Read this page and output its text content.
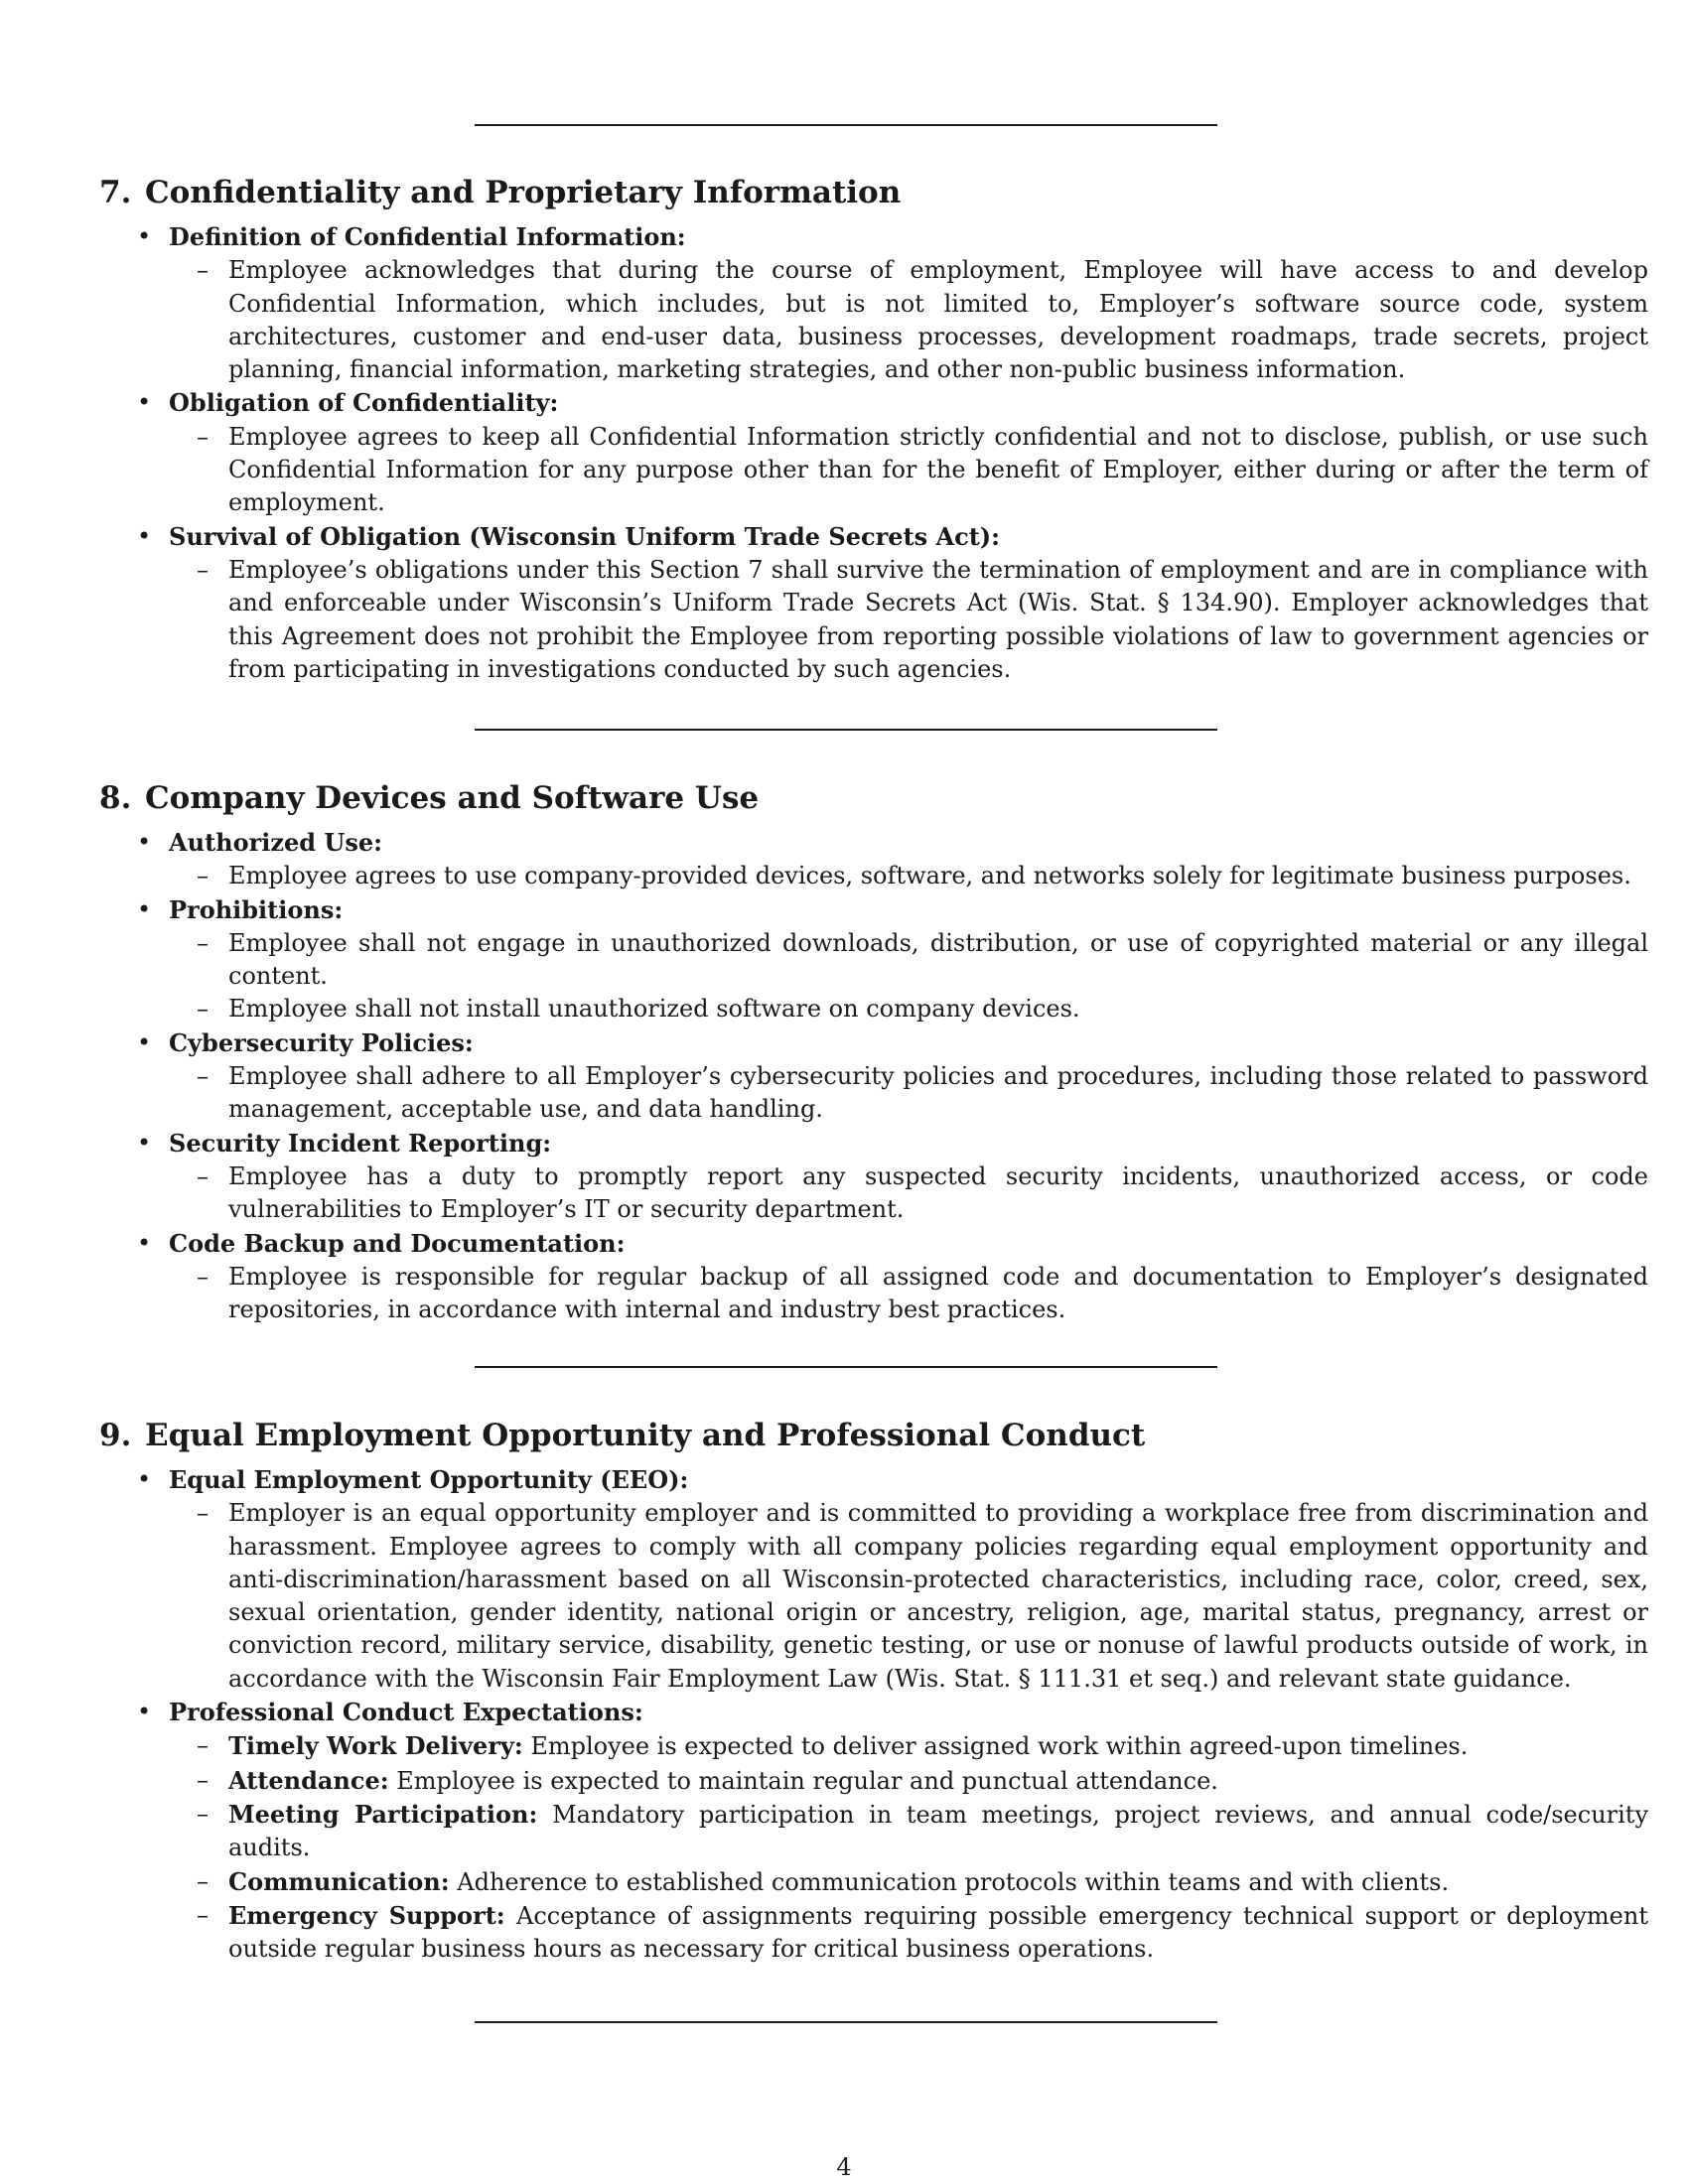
7. Confidentiality and Proprietary Information
• Definition of Confidential Information:
– Employee acknowledges that during the course of employment, Employee will have access to and develop Confidential Information, which includes, but is not limited to, Employer’s software source code, system architectures, customer and end-user data, business processes, development roadmaps, trade secrets, project planning, financial information, marketing strategies, and other non-public business information.
• Obligation of Confidentiality:
– Employee agrees to keep all Confidential Information strictly confidential and not to disclose, publish, or use such Confidential Information for any purpose other than for the benefit of Employer, either during or after the term of employment.
• Survival of Obligation (Wisconsin Uniform Trade Secrets Act):
– Employee’s obligations under this Section 7 shall survive the termination of employment and are in compliance with and enforceable under Wisconsin’s Uniform Trade Secrets Act (Wis. Stat. § 134.90). Employer acknowledges that this Agreement does not prohibit the Employee from reporting possible violations of law to government agencies or from participating in investigations conducted by such agencies.
8. Company Devices and Software Use
• Authorized Use:
– Employee agrees to use company-provided devices, software, and networks solely for legitimate business purposes.
• Prohibitions:
– Employee shall not engage in unauthorized downloads, distribution, or use of copyrighted material or any illegal content.
– Employee shall not install unauthorized software on company devices.
• Cybersecurity Policies:
– Employee shall adhere to all Employer’s cybersecurity policies and procedures, including those related to password management, acceptable use, and data handling.
• Security Incident Reporting:
– Employee has a duty to promptly report any suspected security incidents, unauthorized access, or code vulnerabilities to Employer’s IT or security department.
• Code Backup and Documentation:
– Employee is responsible for regular backup of all assigned code and documentation to Employer’s designated repositories, in accordance with internal and industry best practices.
9. Equal Employment Opportunity and Professional Conduct
• Equal Employment Opportunity (EEO):
– Employer is an equal opportunity employer and is committed to providing a workplace free from discrimination and harassment. Employee agrees to comply with all company policies regarding equal employment opportunity and anti-discrimination/harassment based on all Wisconsin-protected characteristics, including race, color, creed, sex, sexual orientation, gender identity, national origin or ancestry, religion, age, marital status, pregnancy, arrest or conviction record, military service, disability, genetic testing, or use or nonuse of lawful products outside of work, in accordance with the Wisconsin Fair Employment Law (Wis. Stat. § 111.31 et seq.) and relevant state guidance.
• Professional Conduct Expectations:
– Timely Work Delivery: Employee is expected to deliver assigned work within agreed-upon timelines.
– Attendance: Employee is expected to maintain regular and punctual attendance.
– Meeting Participation: Mandatory participation in team meetings, project reviews, and annual code/security audits.
– Communication: Adherence to established communication protocols within teams and with clients.
– Emergency Support: Acceptance of assignments requiring possible emergency technical support or deployment outside regular business hours as necessary for critical business operations.
4
